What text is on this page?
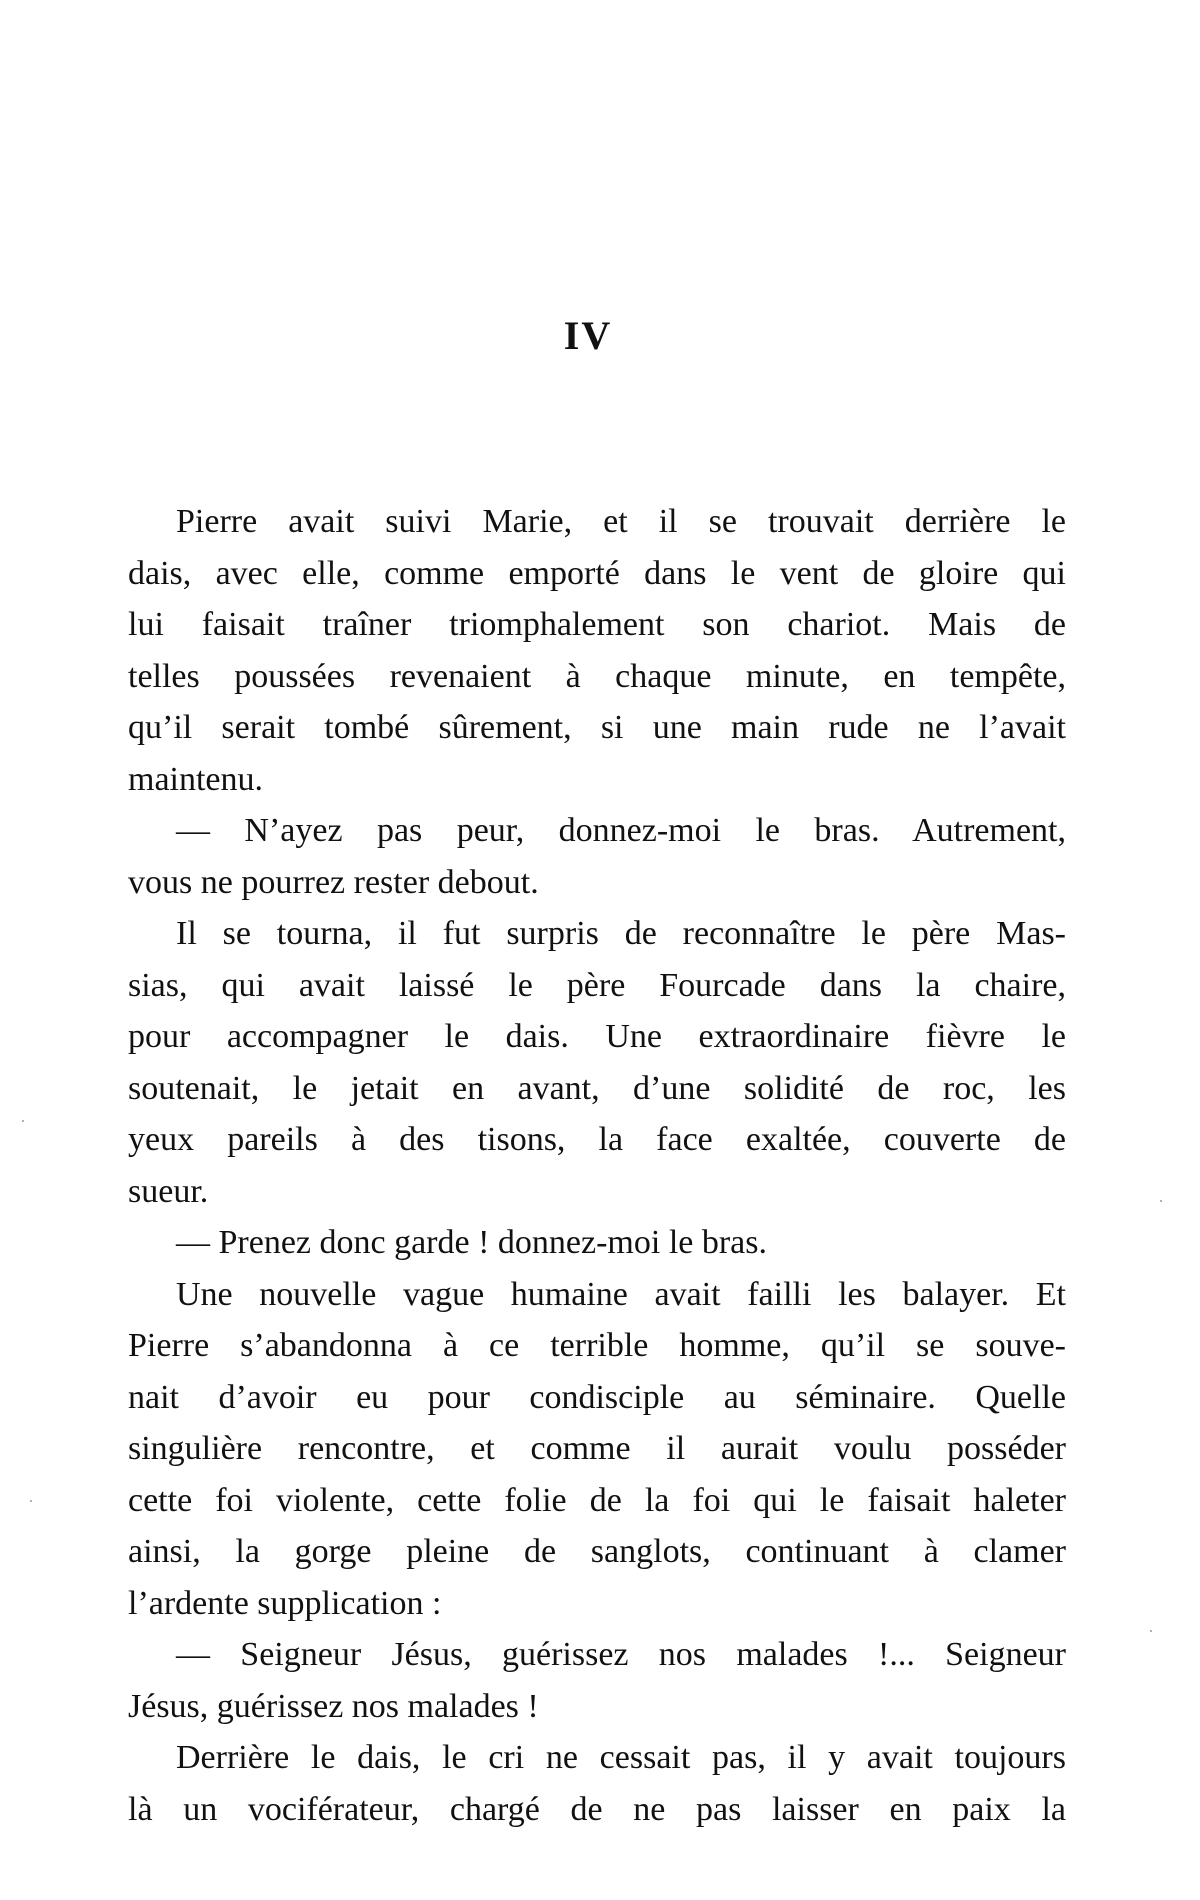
IV
Pierre avait suivi Marie, et il se trouvait derrière le
dais, avec elle, comme emporté dans le vent de gloire qui
lui faisait traîner triomphalement son chariot. Mais de
telles poussées revenaient à chaque minute, en tempête,
qu’il serait tombé sûrement, si une main rude ne l’avait
maintenu.
— N’ayez pas peur, donnez-moi le bras. Autrement,
vous ne pourrez rester debout.
Il se tourna, il fut surpris de reconnaître le père Mas-
sias, qui avait laissé le père Fourcade dans la chaire,
pour accompagner le dais. Une extraordinaire fièvre le
soutenait, le jetait en avant, d’une solidité de roc, les
yeux pareils à des tisons, la face exaltée, couverte de
sueur.
— Prenez donc garde ! donnez-moi le bras.
Une nouvelle vague humaine avait failli les balayer. Et
Pierre s’abandonna à ce terrible homme, qu’il se souve-
nait d’avoir eu pour condisciple au séminaire. Quelle
singulière rencontre, et comme il aurait voulu posséder
cette foi violente, cette folie de la foi qui le faisait haleter
ainsi, la gorge pleine de sanglots, continuant à clamer
l’ardente supplication :
— Seigneur Jésus, guérissez nos malades !... Seigneur
Jésus, guérissez nos malades !
Derrière le dais, le cri ne cessait pas, il y avait toujours
là un vociférateur, chargé de ne pas laisser en paix la
